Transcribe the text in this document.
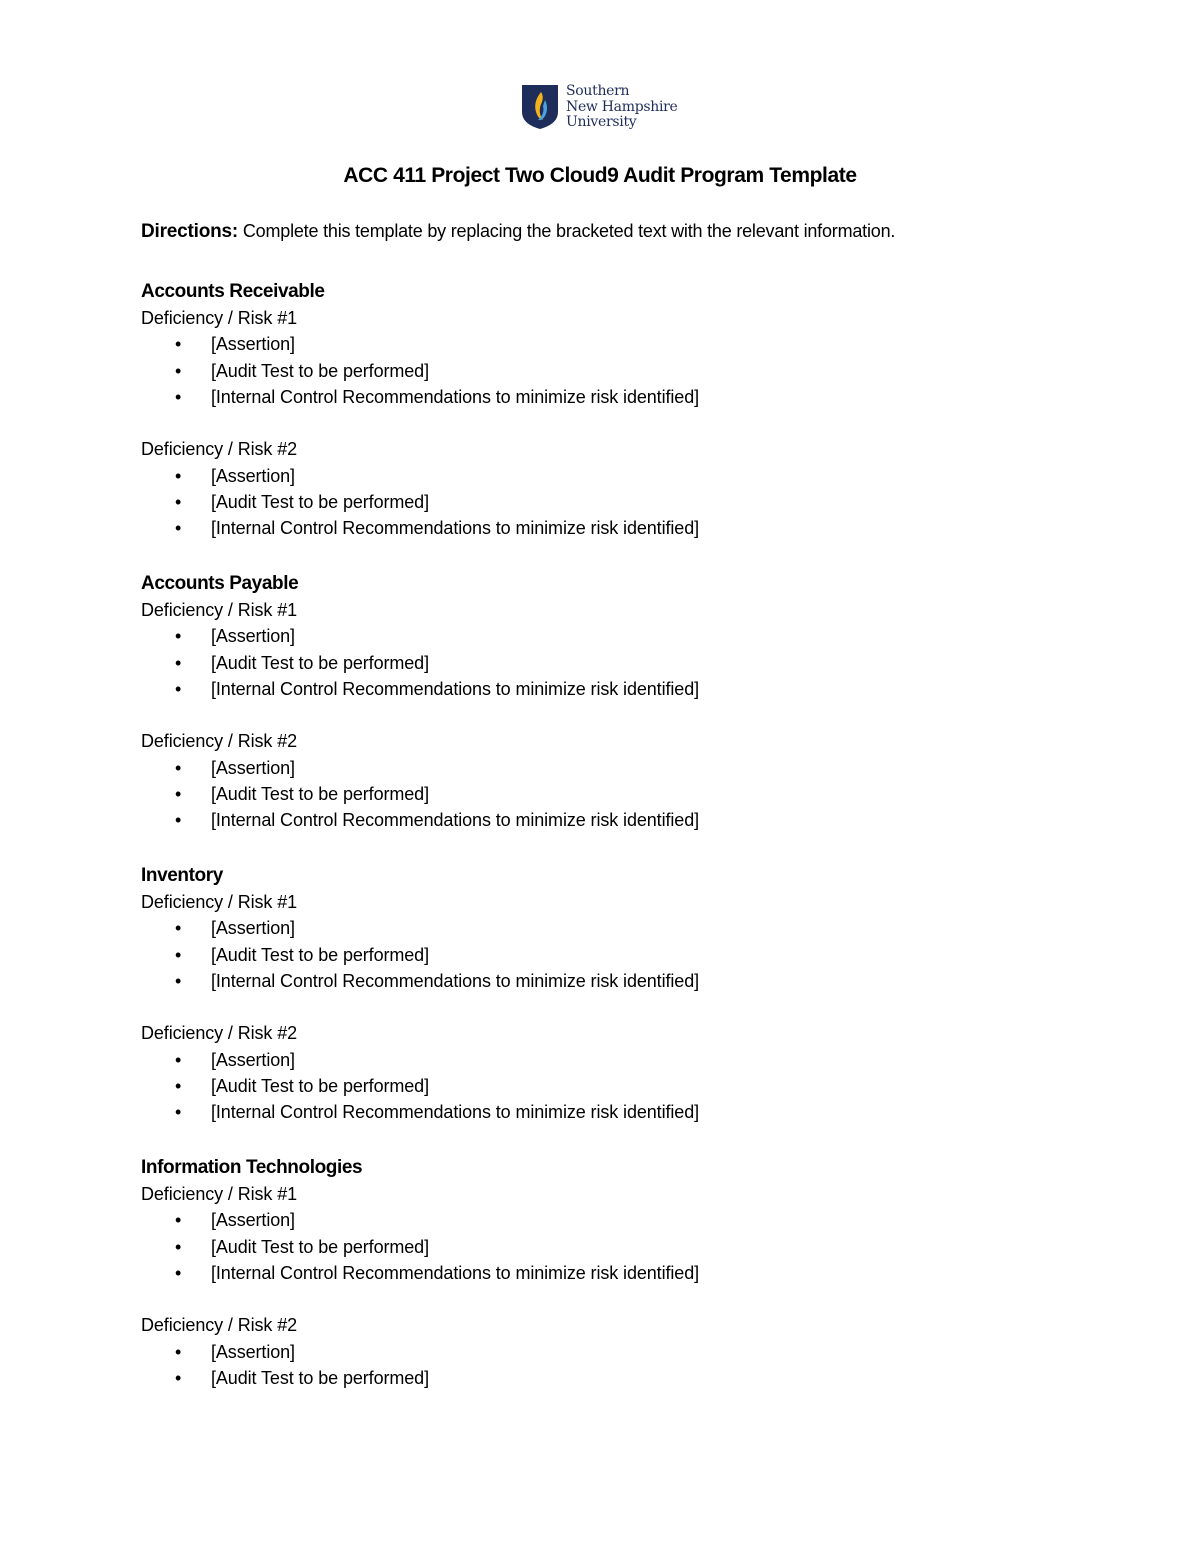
Southern
New Hampshire
University
ACC 411 Project Two Cloud9 Audit Program Template
Directions: Complete this template by replacing the bracketed text with the relevant information.
Accounts Receivable
Deficiency / Risk #1
• [Assertion]
• [Audit Test to be performed]
• [Internal Control Recommendations to minimize risk identified]
Deficiency / Risk #2
• [Assertion]
• [Audit Test to be performed]
• [Internal Control Recommendations to minimize risk identified]
Accounts Payable
Deficiency / Risk #1
• [Assertion]
• [Audit Test to be performed]
• [Internal Control Recommendations to minimize risk identified]
Deficiency / Risk #2
• [Assertion]
• [Audit Test to be performed]
• [Internal Control Recommendations to minimize risk identified]
Inventory
Deficiency / Risk #1
• [Assertion]
• [Audit Test to be performed]
• [Internal Control Recommendations to minimize risk identified]
Deficiency / Risk #2
• [Assertion]
• [Audit Test to be performed]
• [Internal Control Recommendations to minimize risk identified]
Information Technologies
Deficiency / Risk #1
• [Assertion]
• [Audit Test to be performed]
• [Internal Control Recommendations to minimize risk identified]
Deficiency / Risk #2
• [Assertion]
• [Audit Test to be performed]
